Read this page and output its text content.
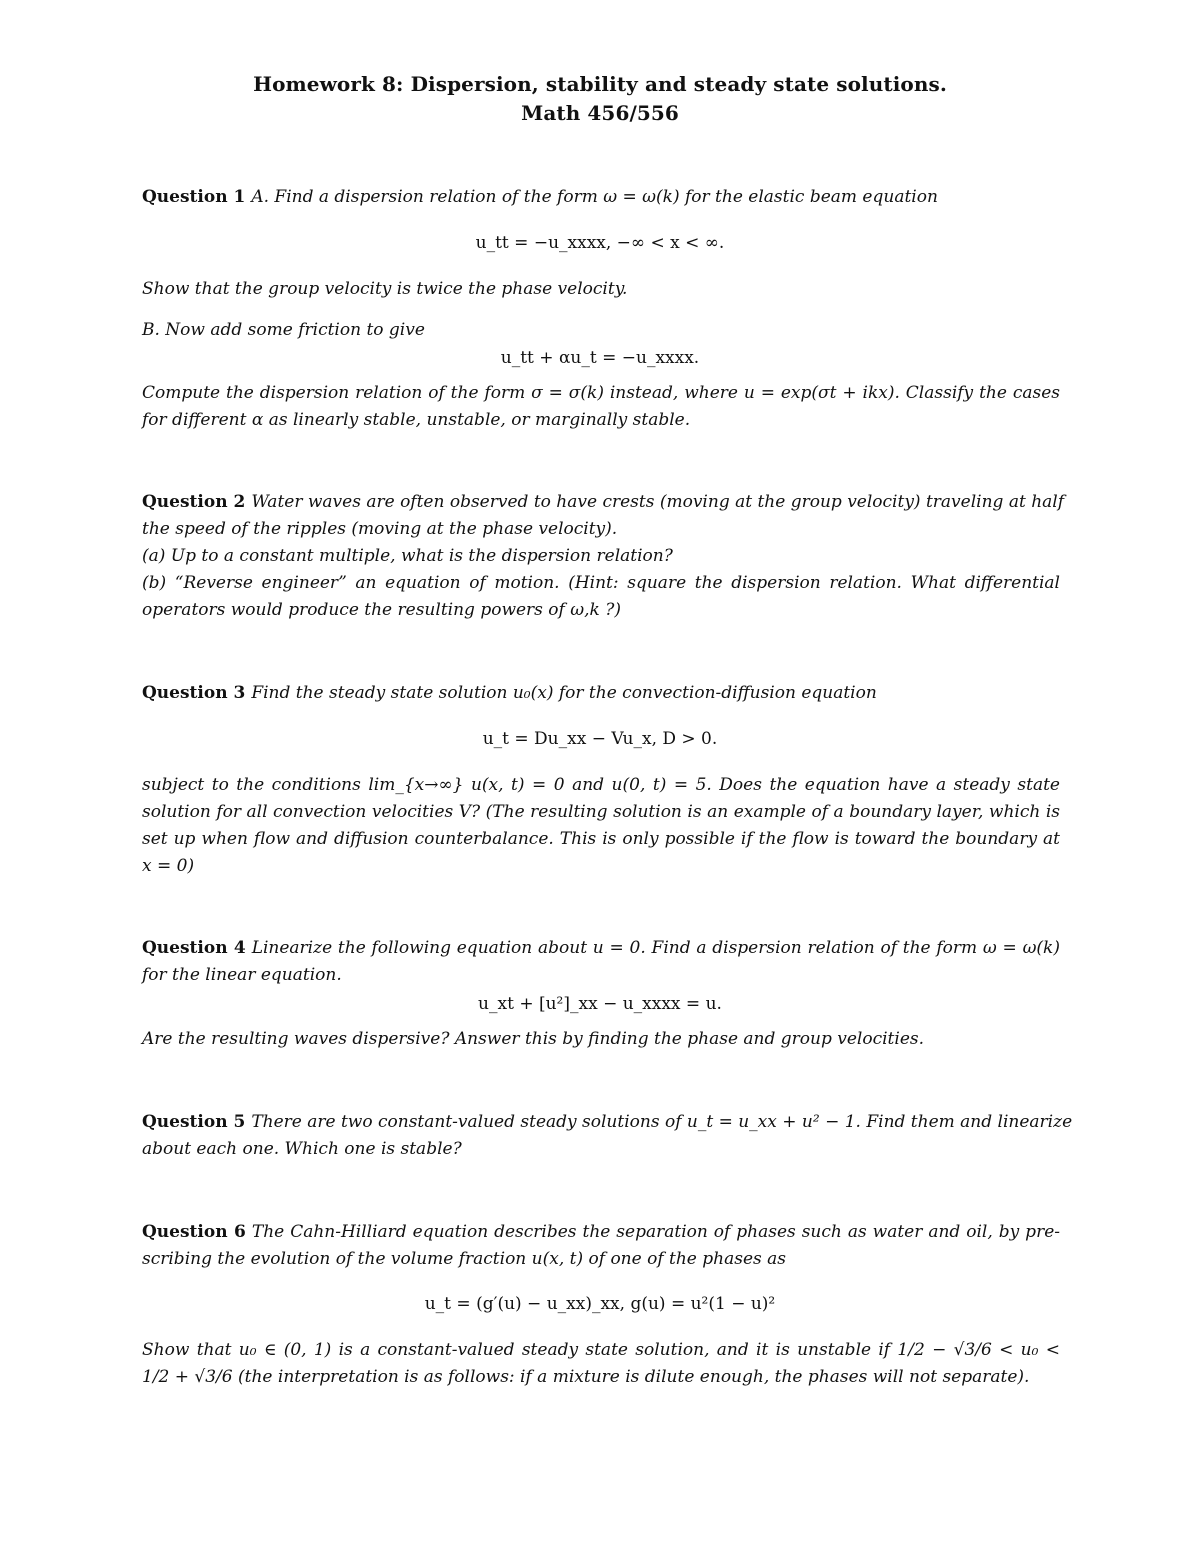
Homework 8: Dispersion, stability and steady state solutions.
Math 456/556
Question 1 A. Find a dispersion relation of the form ω = ω(k) for the elastic beam equation
u_tt = −u_xxxx, −∞ < x < ∞.
Show that the group velocity is twice the phase velocity.
B. Now add some friction to give
u_tt + αu_t = −u_xxxx.
Compute the dispersion relation of the form σ = σ(k) instead, where u = exp(σt + ikx). Classify the cases
for different α as linearly stable, unstable, or marginally stable.
Question 2 Water waves are often observed to have crests (moving at the group velocity) traveling at half
the speed of the ripples (moving at the phase velocity).
(a) Up to a constant multiple, what is the dispersion relation?
(b) “Reverse engineer” an equation of motion. (Hint: square the dispersion relation. What differential
operators would produce the resulting powers of ω,k ?)
Question 3 Find the steady state solution u₀(x) for the convection-diffusion equation
u_t = Du_xx − Vu_x, D > 0.
subject to the conditions lim_{x→∞} u(x, t) = 0 and u(0, t) = 5. Does the equation have a steady state
solution for all convection velocities V? (The resulting solution is an example of a boundary layer, which is
set up when flow and diffusion counterbalance. This is only possible if the flow is toward the boundary at
x = 0)
Question 4 Linearize the following equation about u = 0. Find a dispersion relation of the form ω = ω(k)
for the linear equation.
u_xt + [u²]_xx − u_xxxx = u.
Are the resulting waves dispersive? Answer this by finding the phase and group velocities.
Question 5 There are two constant-valued steady solutions of u_t = u_xx + u² − 1. Find them and linearize
about each one. Which one is stable?
Question 6 The Cahn-Hilliard equation describes the separation of phases such as water and oil, by pre-
scribing the evolution of the volume fraction u(x, t) of one of the phases as
u_t = (g′(u) − u_xx)_xx, g(u) = u²(1 − u)²
Show that u₀ ∈ (0, 1) is a constant-valued steady state solution, and it is unstable if 1/2 − √3/6 < u₀ <
1/2 + √3/6 (the interpretation is as follows: if a mixture is dilute enough, the phases will not separate).
